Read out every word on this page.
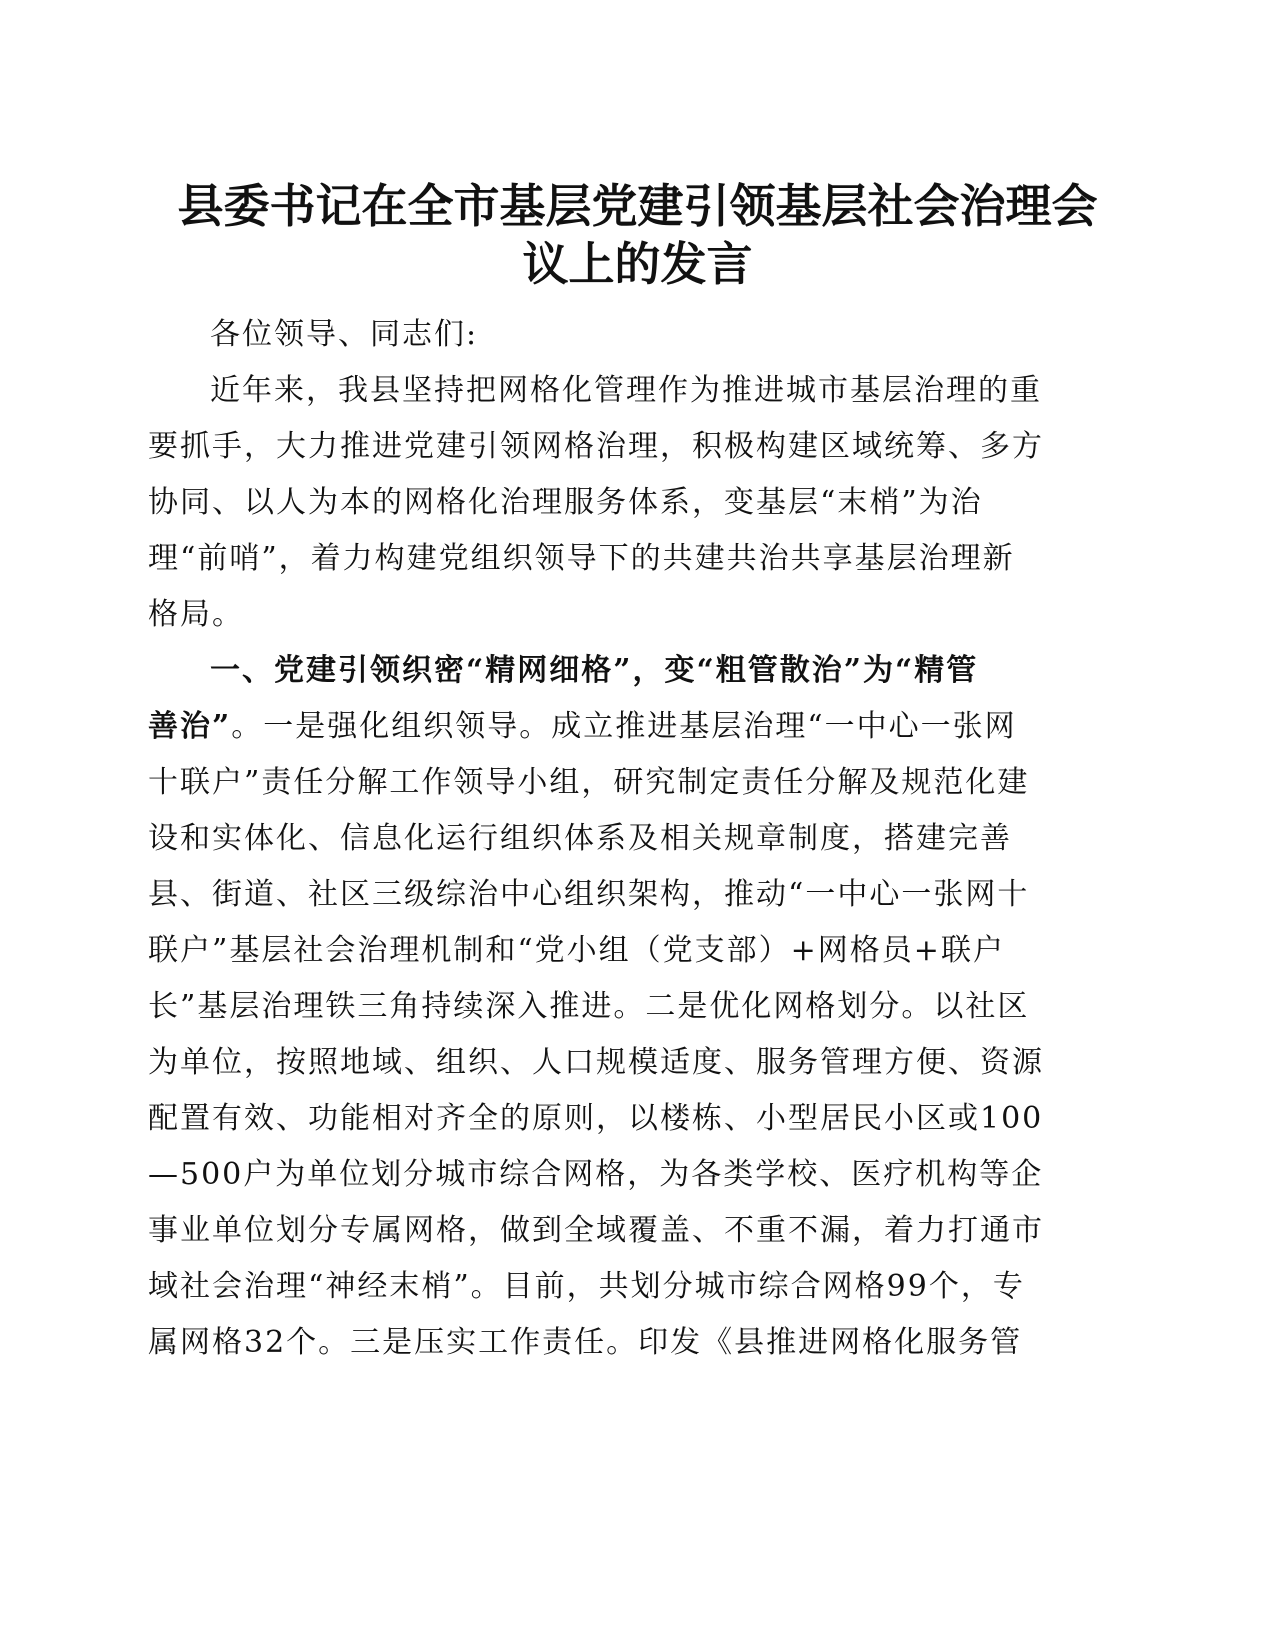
县委书记在全市基层党建引领基层社会治理会
议上的发言
各位领导、同志们:
近年来，我县坚持把网格化管理作为推进城市基层治理的重
要抓手，大力推进党建引领网格治理，积极构建区域统筹、多方
协同、以人为本的网格化治理服务体系，变基层“末梢”为治
理“前哨”，着力构建党组织领导下的共建共治共享基层治理新
格局。
一、党建引领织密“精网细格”，变“粗管散治”为“精管
善治”。一是强化组织领导。成立推进基层治理“一中心一张网
十联户”责任分解工作领导小组，研究制定责任分解及规范化建
设和实体化、信息化运行组织体系及相关规章制度，搭建完善
县、街道、社区三级综治中心组织架构，推动“一中心一张网十
联户”基层社会治理机制和“党小组（党支部）+网格员+联户
长”基层治理铁三角持续深入推进。二是优化网格划分。以社区
为单位，按照地域、组织、人口规模适度、服务管理方便、资源
配置有效、功能相对齐全的原则，以楼栋、小型居民小区或100
—500户为单位划分城市综合网格，为各类学校、医疗机构等企
事业单位划分专属网格，做到全域覆盖、不重不漏，着力打通市
域社会治理“神经末梢”。目前，共划分城市综合网格99个，专
属网格32个。三是压实工作责任。印发《县推进网格化服务管
